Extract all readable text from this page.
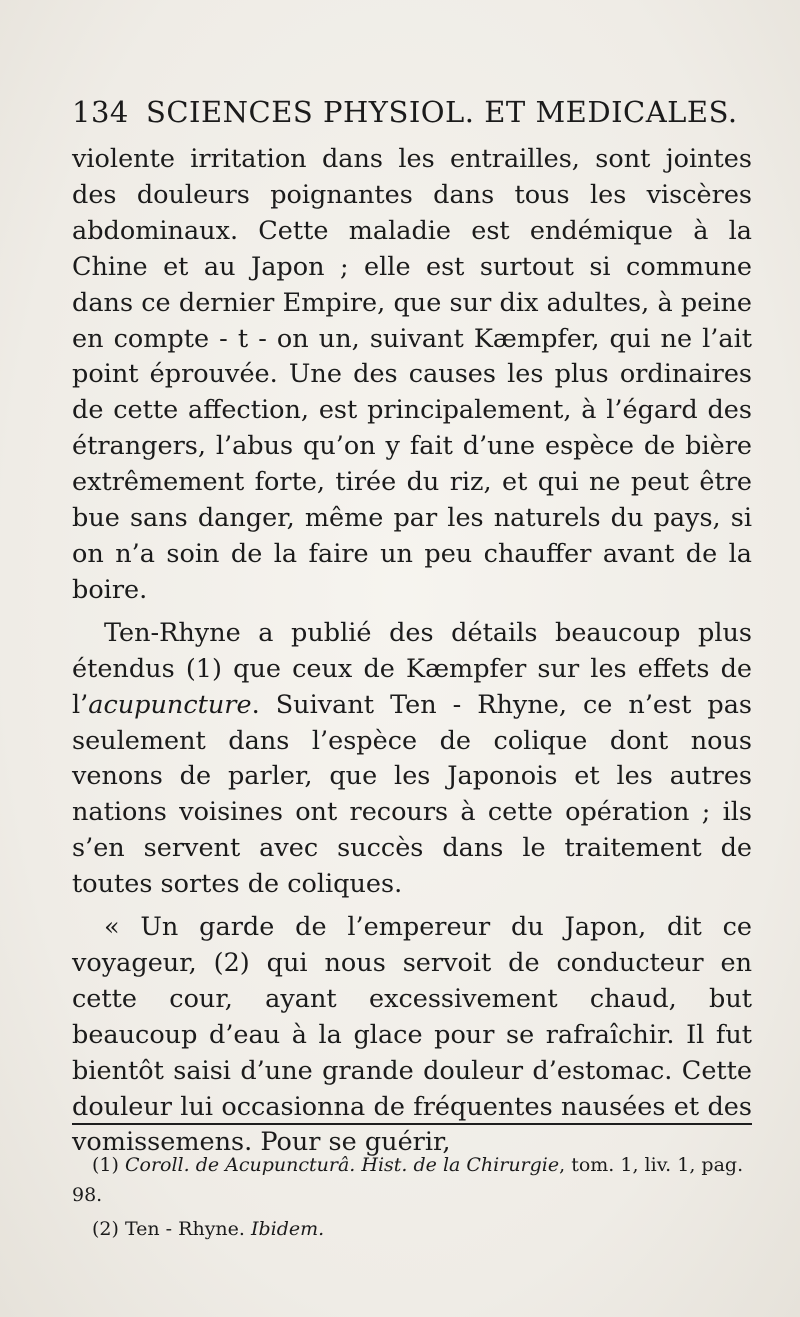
134 SCIENCES PHYSIOL. ET MEDICALES.

violente irritation dans les entrailles, sont jointes des douleurs poignantes dans tous les viscères abdominaux. Cette maladie est endémique à la Chine et au Japon ; elle est surtout si commune dans ce dernier Empire, que sur dix adultes, à peine en compte - t - on un, suivant Kæmpfer, qui ne l’ait point éprouvée. Une des causes les plus ordinaires de cette affection, est principalement, à l’égard des étrangers, l’abus qu’on y fait d’une espèce de bière extrêmement forte, tirée du riz, et qui ne peut être bue sans danger, même par les naturels du pays, si on n’a soin de la faire un peu chauffer avant de la boire.

Ten-Rhyne a publié des détails beaucoup plus étendus (1) que ceux de Kæmpfer sur les effets de l’acupuncture. Suivant Ten - Rhyne, ce n’est pas seulement dans l’espèce de colique dont nous venons de parler, que les Japonois et les autres nations voisines ont recours à cette opération ; ils s’en servent avec succès dans le traitement de toutes sortes de coliques.

« Un garde de l’empereur du Japon, dit ce voyageur, (2) qui nous servoit de conducteur en cette cour, ayant excessivement chaud, but beaucoup d’eau à la glace pour se rafraîchir. Il fut bientôt saisi d’une grande douleur d’estomac. Cette douleur lui occasionna de fréquentes nausées et des vomissemens. Pour se guérir,

(1) Coroll. de Acupuncturâ. Hist. de la Chirurgie, tom. 1, liv. 1, pag. 98.

(2) Ten - Rhyne. Ibidem.
